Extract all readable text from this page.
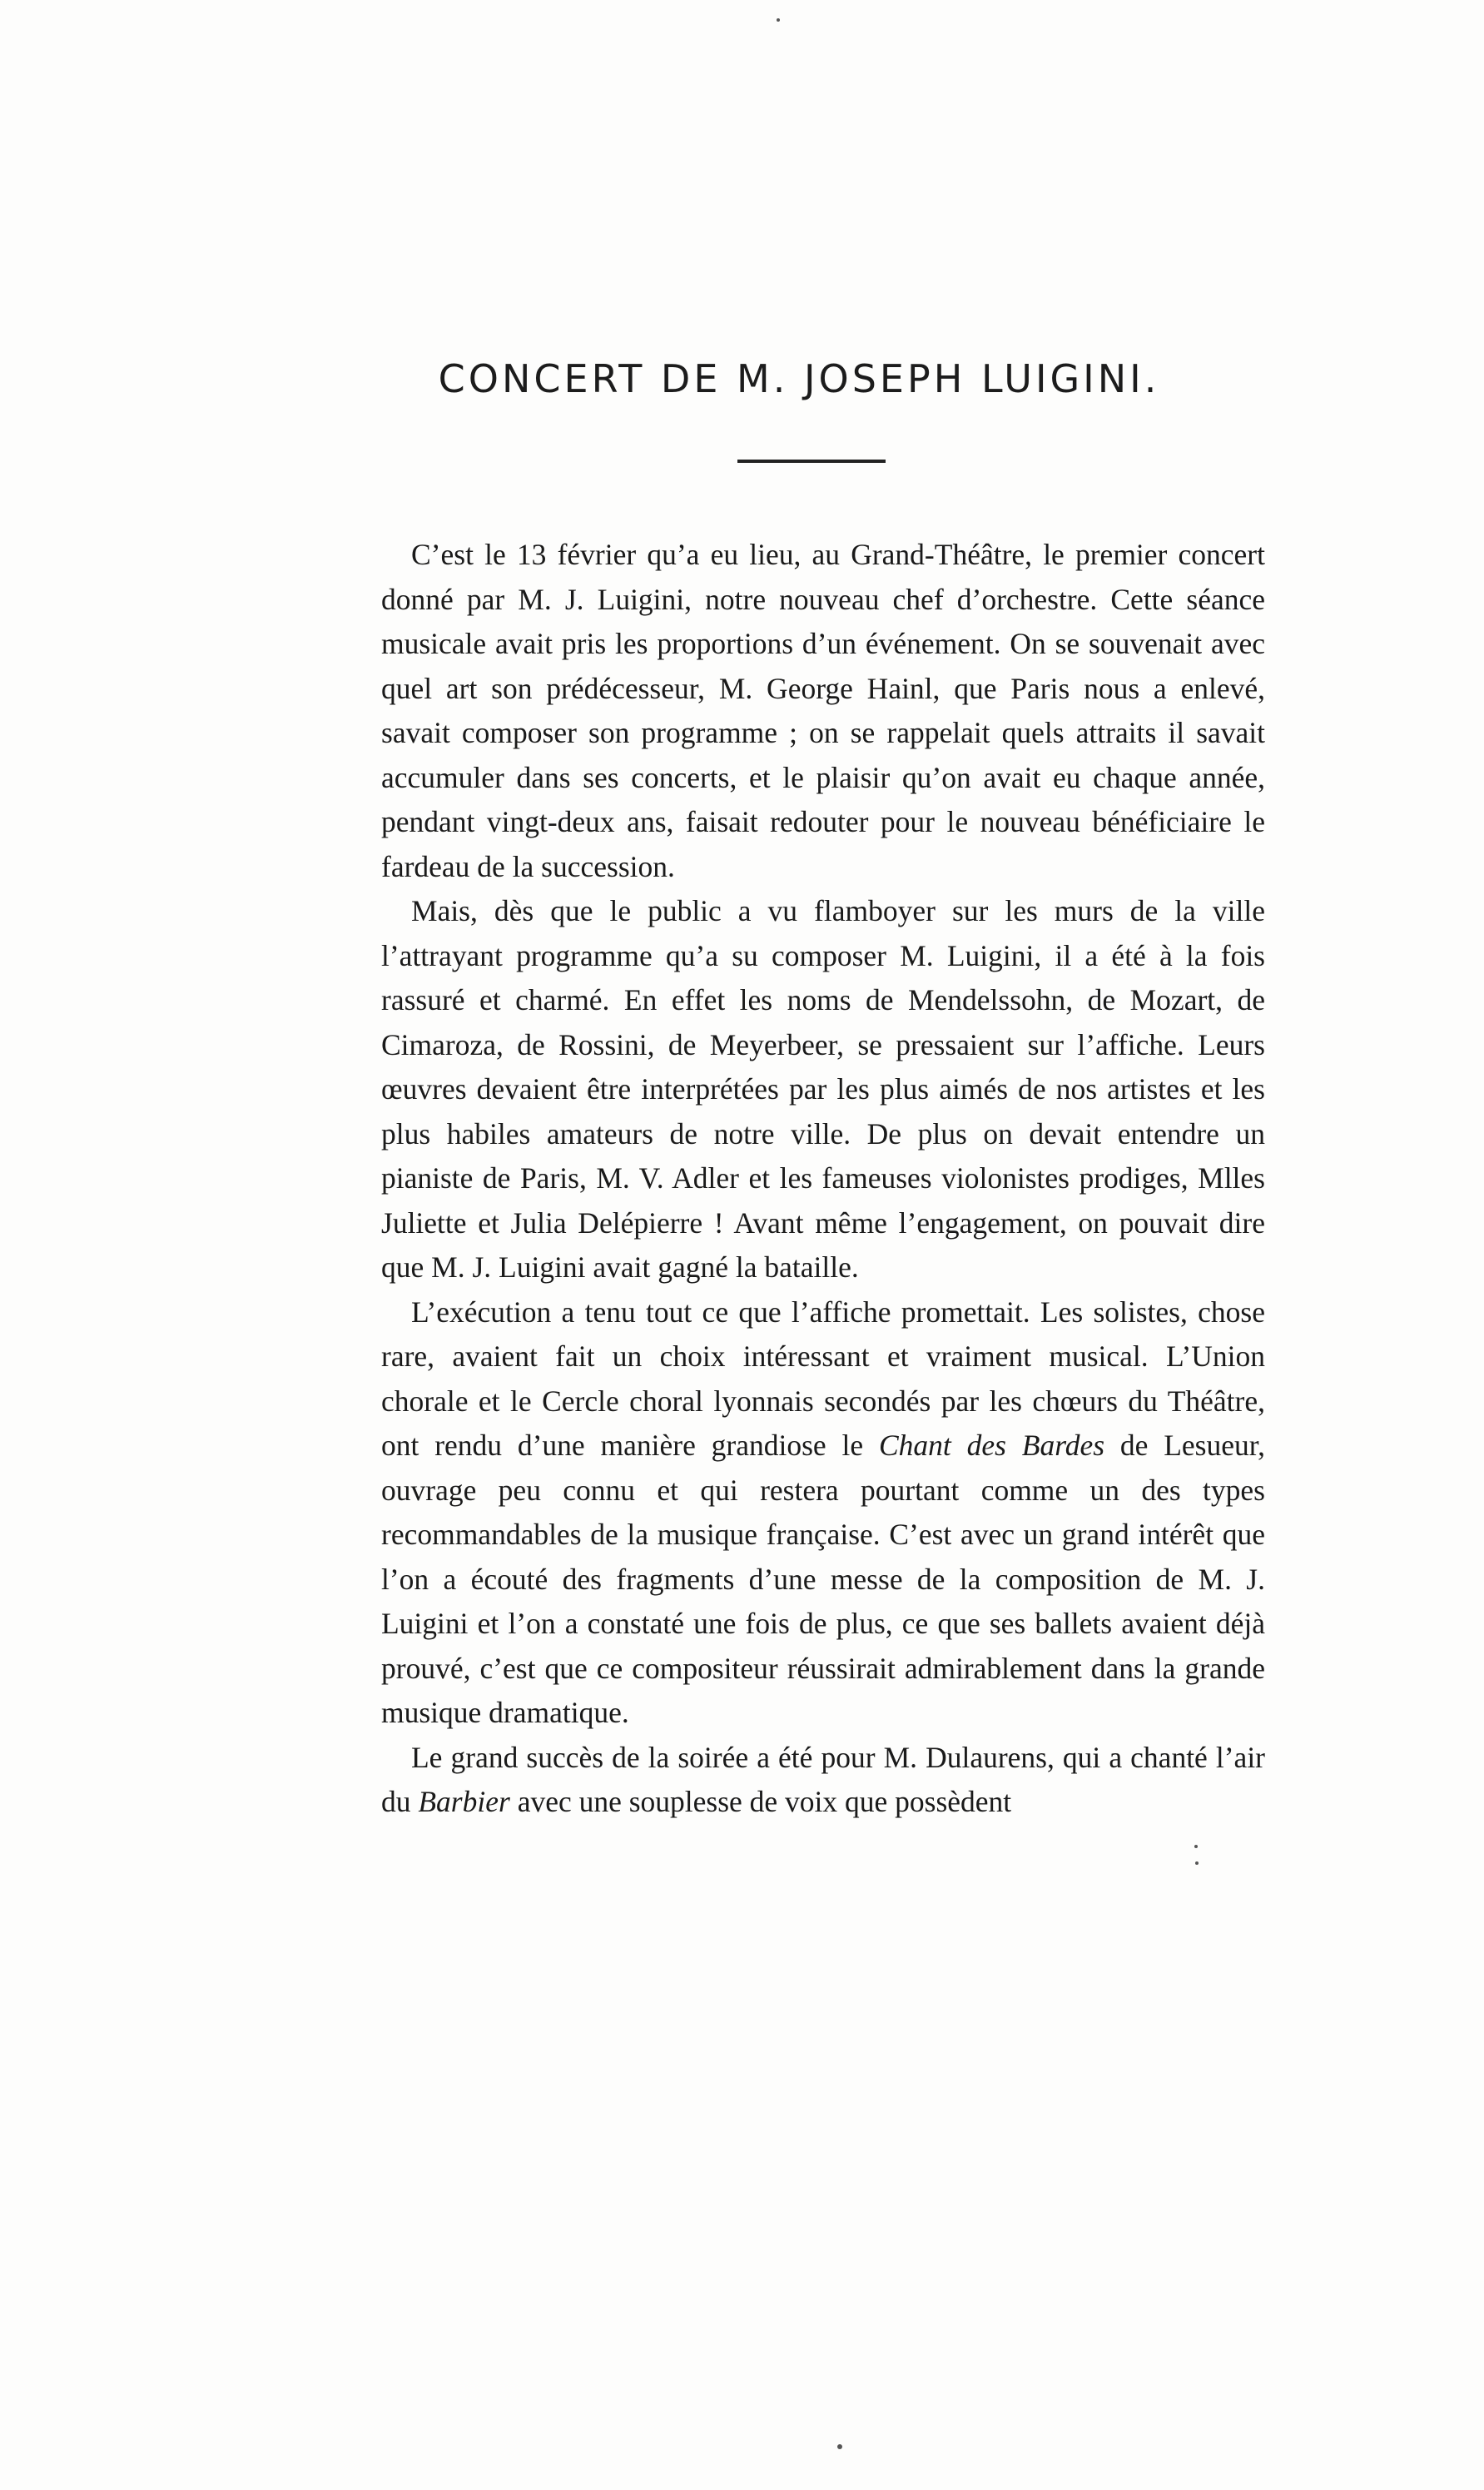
CONCERT DE M. JOSEPH LUIGINI.

C’est le 13 février qu’a eu lieu, au Grand-Théâtre, le premier concert donné par M. J. Luigini, notre nouveau chef d’orchestre. Cette séance musicale avait pris les proportions d’un événement. On se souvenait avec quel art son prédécesseur, M. George Hainl, que Paris nous a enlevé, savait composer son programme ; on se rappelait quels attraits il savait accumuler dans ses concerts, et le plaisir qu’on avait eu chaque année, pendant vingt-deux ans, faisait redouter pour le nouveau bénéficiaire le fardeau de la succession.

Mais, dès que le public a vu flamboyer sur les murs de la ville l’attrayant programme qu’a su composer M. Luigini, il a été à la fois rassuré et charmé. En effet les noms de Mendelssohn, de Mozart, de Cimaroza, de Rossini, de Meyerbeer, se pressaient sur l’affiche. Leurs œuvres devaient être interprétées par les plus aimés de nos artistes et les plus habiles amateurs de notre ville. De plus on devait entendre un pianiste de Paris, M. V. Adler et les fameuses violonistes prodiges, Mlles Juliette et Julia Delépierre ! Avant même l’engagement, on pouvait dire que M. J. Luigini avait gagné la bataille.

L’exécution a tenu tout ce que l’affiche promettait. Les solistes, chose rare, avaient fait un choix intéressant et vraiment musical. L’Union chorale et le Cercle choral lyonnais secondés par les chœurs du Théâtre, ont rendu d’une manière grandiose le Chant des Bardes de Lesueur, ouvrage peu connu et qui restera pourtant comme un des types recommandables de la musique française. C’est avec un grand intérêt que l’on a écouté des fragments d’une messe de la composition de M. J. Luigini et l’on a constaté une fois de plus, ce que ses ballets avaient déjà prouvé, c’est que ce compositeur réussirait admirablement dans la grande musique dramatique.

Le grand succès de la soirée a été pour M. Dulaurens, qui a chanté l’air du Barbier avec une souplesse de voix que possèdent
